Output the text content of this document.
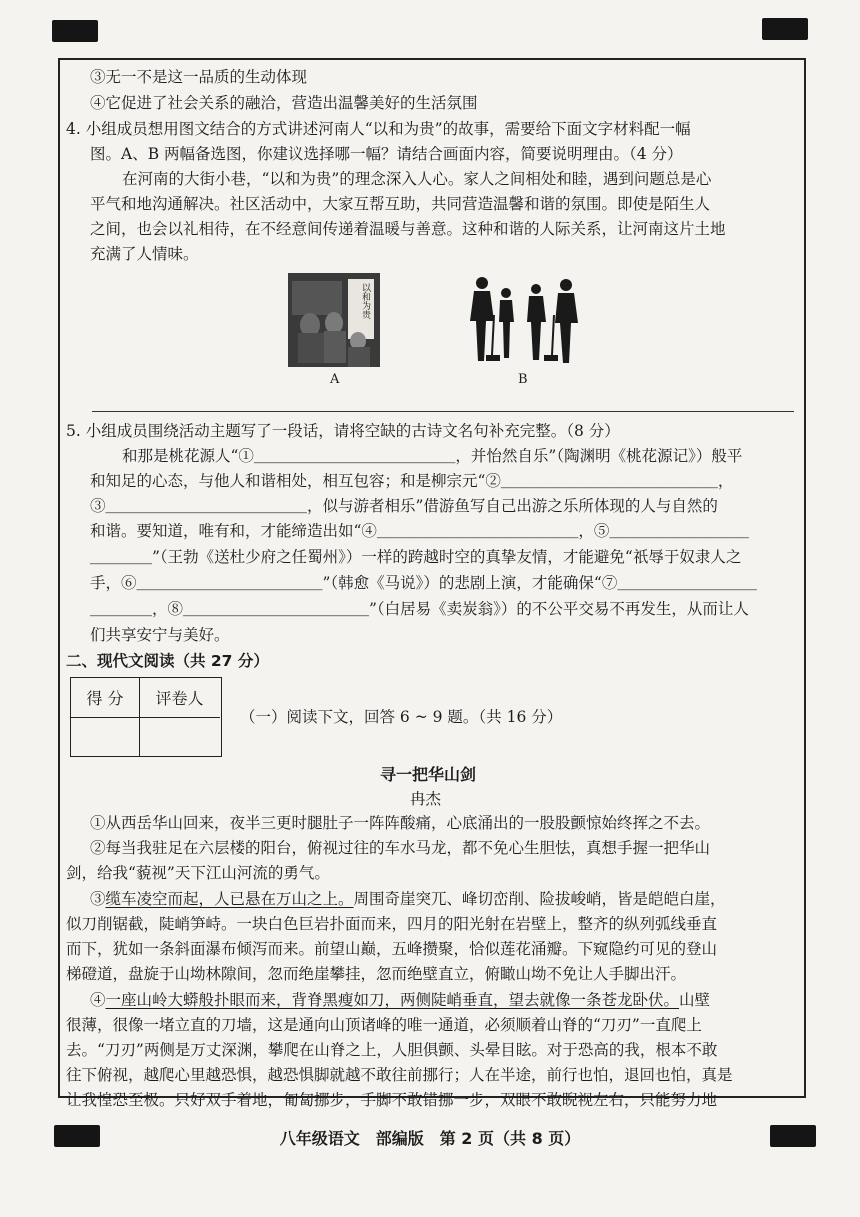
③无一不是这一品质的生动体现
④它促进了社会关系的融洽，营造出温馨美好的生活氛围
4. 小组成员想用图文结合的方式讲述河南人“以和为贵”的故事，需要给下面文字材料配一幅
图。A、B 两幅备选图，你建议选择哪一幅？请结合画面内容，简要说明理由。（4 分）
在河南的大街小巷，“以和为贵”的理念深入人心。家人之间相处和睦，遇到问题总是心
平气和地沟通解决。社区活动中，大家互帮互助，共同营造温馨和谐的氛围。即使是陌生人
之间，也会以礼相待，在不经意间传递着温暖与善意。这种和谐的人际关系，让河南这片土地
充满了人情味。
以和为贵
A	B
5. 小组成员围绕活动主题写了一段话，请将空缺的古诗文名句补充完整。（8 分）
和那是桃花源人“①＿＿＿＿＿＿＿＿＿＿＿＿＿，并怡然自乐”（陶渊明《桃花源记》）般平
和知足的心态，与他人和谐相处，相互包容；和是柳宗元“②＿＿＿＿＿＿＿＿＿＿＿＿＿＿，
③＿＿＿＿＿＿＿＿＿＿＿＿＿，似与游者相乐”借游鱼写自己出游之乐所体现的人与自然的
和谐。要知道，唯有和，才能缔造出如“④＿＿＿＿＿＿＿＿＿＿＿＿＿，⑤＿＿＿＿＿＿＿＿＿
＿＿＿＿”（王勃《送杜少府之任蜀州》）一样的跨越时空的真挚友情，才能避免“祇辱于奴隶人之
手，⑥＿＿＿＿＿＿＿＿＿＿＿＿”（韩愈《马说》）的悲剧上演，才能确保“⑦＿＿＿＿＿＿＿＿＿
＿＿＿＿，⑧＿＿＿＿＿＿＿＿＿＿＿＿”（白居易《卖炭翁》）的不公平交易不再发生，从而让人
们共享安宁与美好。
二、现代文阅读（共 27 分）
得 分	评卷人
（一）阅读下文，回答 6 ~ 9 题。（共 16 分）
寻一把华山剑
冉杰
①从西岳华山回来，夜半三更时腿肚子一阵阵酸痛，心底涌出的一股股颤惊始终挥之不去。
②每当我驻足在六层楼的阳台，俯视过往的车水马龙，都不免心生胆怯，真想手握一把华山
剑，给我“藐视”天下江山河流的勇气。
③缆车凌空而起，人已悬在万山之上。周围奇崖突兀、峰切峦削、险拔峻峭，皆是皑皑白崖，
似刀削锯截，陡峭笋峙。一块白色巨岩扑面而来，四月的阳光射在岩壁上，整齐的纵列弧线垂直
而下，犹如一条斜面瀑布倾泻而来。前望山巅，五峰攒聚，恰似莲花涌瓣。下窥隐约可见的登山
梯磴道，盘旋于山坳林隙间，忽而绝崖攀挂，忽而绝壁直立，俯瞰山坳不免让人手脚出汗。
④一座山岭大蟒般扑眼而来，背脊黑瘦如刀，两侧陡峭垂直，望去就像一条苍龙卧伏。山壁
很薄，很像一堵立直的刀墙，这是通向山顶诸峰的唯一通道，必须顺着山脊的“刀刃”一直爬上
去。“刀刃”两侧是万丈深渊，攀爬在山脊之上，人胆俱颤、头晕目眩。对于恐高的我，根本不敢
往下俯视，越爬心里越恐惧，越恐惧脚就越不敢往前挪行；人在半途，前行也怕，退回也怕，真是
让我惶恐至极。只好双手着地，匍匐挪步，手脚不敢错挪一步，双眼不敢睨视左右，只能努力地
八年级语文　部编版　第 2 页（共 8 页）
